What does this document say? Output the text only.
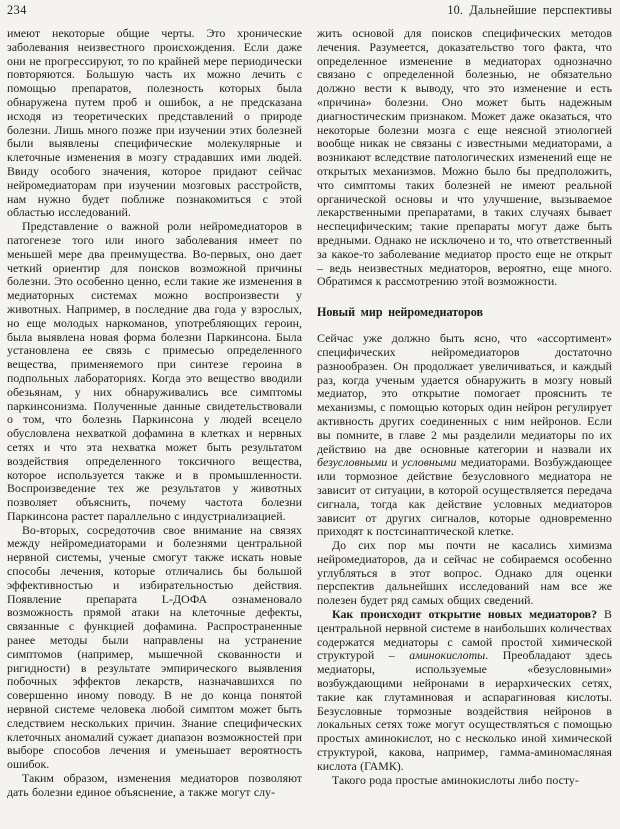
234	10. Дальнейшие перспективы

имеют некоторые общие черты. Это хронические заболевания неизвестного происхождения. Если даже они не прогрессируют, то по крайней мере периодически повторяются. Большую часть их можно лечить с помощью препаратов, полезность которых была обнаружена путем проб и ошибок, а не предсказана исходя из теоретических представлений о природе болезни. Лишь много позже при изучении этих болезней были выявлены специфические молекулярные и клеточные изменения в мозгу страдавших ими людей. Ввиду особого значения, которое придают сейчас нейромедиаторам при изучении мозговых расстройств, нам нужно будет поближе познакомиться с этой областью исследований.

Представление о важной роли нейромедиаторов в патогенезе того или иного заболевания имеет по меньшей мере два преимущества. Во-первых, оно дает четкий ориентир для поисков возможной причины болезни. Это особенно ценно, если такие же изменения в медиаторных системах можно воспроизвести у животных. Например, в последние два года у взрослых, но еще молодых наркоманов, употребляющих героин, была выявлена новая форма болезни Паркинсона. Была установлена ее связь с примесью определенного вещества, применяемого при синтезе героина в подпольных лабораториях. Когда это вещество вводили обезьянам, у них обнаруживались все симптомы паркинсонизма. Полученные данные свидетельствовали о том, что болезнь Паркинсона у людей всецело обусловлена нехваткой дофамина в клетках и нервных сетях и что эта нехватка может быть результатом воздействия определенного токсичного вещества, которое используется также и в промышленности. Воспроизведение тех же результатов у животных позволяет объяснить, почему частота болезни Паркинсона растет параллельно с индустриализацией.

Во-вторых, сосредоточив свое внимание на связях между нейромедиаторами и болезнями центральной нервной системы, ученые смогут также искать новые способы лечения, которые отличались бы большой эффективностью и избирательностью действия. Появление препарата L-ДОФА ознаменовало возможность прямой атаки на клеточные дефекты, связанные с функцией дофамина. Распространенные ранее методы были направлены на устранение симптомов (например, мышечной скованности и ригидности) в результате эмпирического выявления побочных эффектов лекарств, назначавшихся по совершенно иному поводу. В не до конца понятой нервной системе человека любой симптом может быть следствием нескольких причин. Знание специфических клеточных аномалий сужает диапазон возможностей при выборе способов лечения и уменьшает вероятность ошибок.

Таким образом, изменения медиаторов позволяют дать болезни единое объяснение, а также могут слу-

жить основой для поисков специфических методов лечения. Разумеется, доказательство того факта, что определенное изменение в медиаторах однозначно связано с определенной болезнью, не обязательно должно вести к выводу, что это изменение и есть «причина» болезни. Оно может быть надежным диагностическим признаком. Может даже оказаться, что некоторые болезни мозга с еще неясной этиологией вообще никак не связаны с известными медиаторами, а возникают вследствие патологических изменений еще не открытых механизмов. Можно было бы предположить, что симптомы таких болезней не имеют реальной органической основы и что улучшение, вызываемое лекарственными препаратами, в таких случаях бывает неспецифическим; такие препараты могут даже быть вредными. Однако не исключено и то, что ответственный за какое-то заболевание медиатор просто еще не открыт – ведь неизвестных медиаторов, вероятно, еще много. Обратимся к рассмотрению этой возможности.

Новый мир нейромедиаторов

Сейчас уже должно быть ясно, что «ассортимент» специфических нейромедиаторов достаточно разнообразен. Он продолжает увеличиваться, и каждый раз, когда ученым удается обнаружить в мозгу новый медиатор, это открытие помогает прояснить те механизмы, с помощью которых один нейрон регулирует активность других соединенных с ним нейронов. Если вы помните, в главе 2 мы разделили медиаторы по их действию на две основные категории и назвали их безусловными и условными медиаторами. Возбуждающее или тормозное действие безусловного медиатора не зависит от ситуации, в которой осуществляется передача сигнала, тогда как действие условных медиаторов зависит от других сигналов, которые одновременно приходят к постсинаптической клетке.

До сих пор мы почти не касались химизма нейромедиаторов, да и сейчас не собираемся особенно углубляться в этот вопрос. Однако для оценки перспектив дальнейших исследований нам все же полезен будет ряд самых общих сведений.

Как происходит открытие новых медиаторов? В центральной нервной системе в наибольших количествах содержатся медиаторы с самой простой химической структурой – аминокислоты. Преобладают здесь медиаторы, используемые «безусловными» возбуждающими нейронами в иерархических сетях, такие как глутаминовая и аспарагиновая кислоты. Безусловные тормозные воздействия нейронов в локальных сетях тоже могут осуществляться с помощью простых аминокислот, но с несколько иной химической структурой, какова, например, гамма-аминомасляная кислота (ГАМК).

Такого рода простые аминокислоты либо посту-
